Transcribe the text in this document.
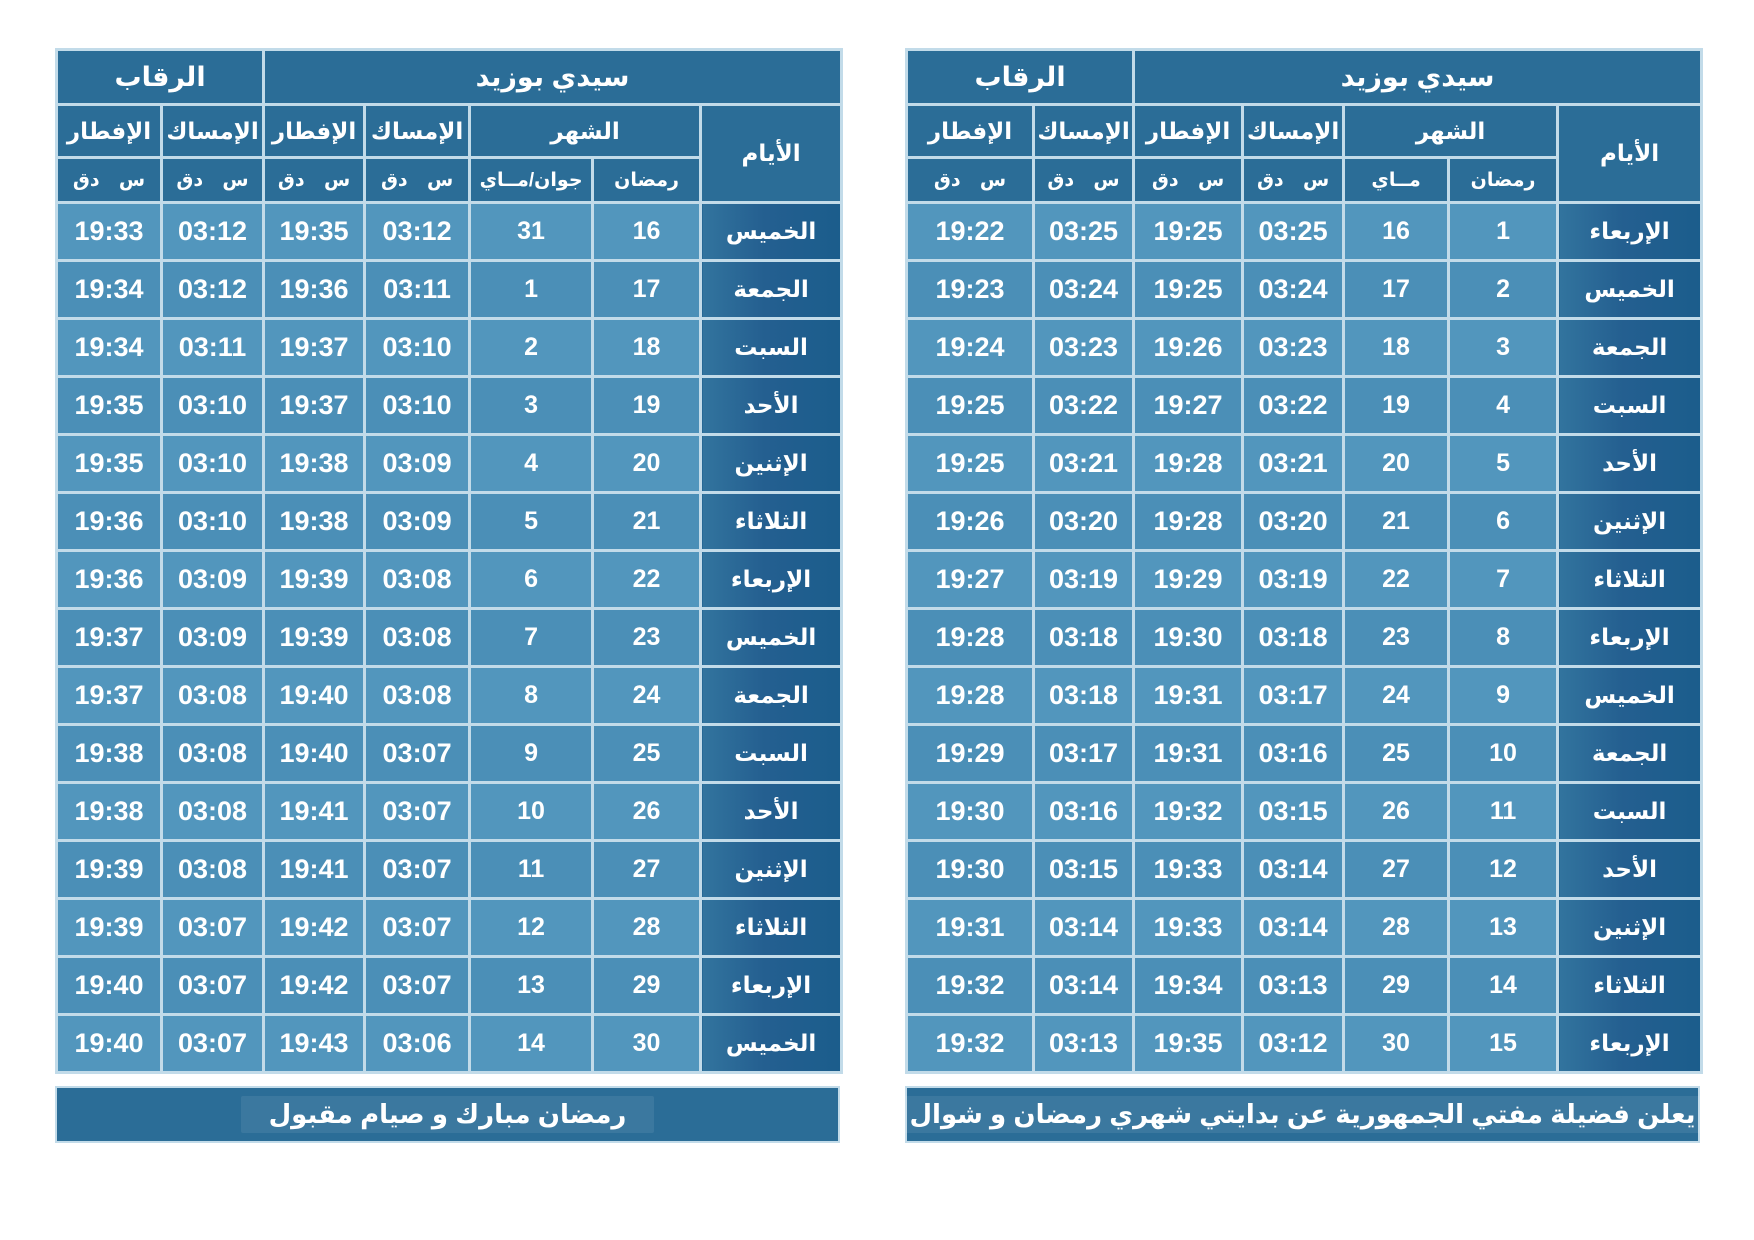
سيدي بوزيد					الرقاب	
الأيام	الشهر		الإمساك	الإفطار	الإمساك	الإفطار
	رمضان	جوان/مــاي	س دق	س دق	س دق	س دق
الخميس	16	31	03:12	19:35	03:12	19:33
الجمعة	17	1	03:11	19:36	03:12	19:34
السبت	18	2	03:10	19:37	03:11	19:34
الأحد	19	3	03:10	19:37	03:10	19:35
الإثنين	20	4	03:09	19:38	03:10	19:35
الثلاثاء	21	5	03:09	19:38	03:10	19:36
الإربعاء	22	6	03:08	19:39	03:09	19:36
الخميس	23	7	03:08	19:39	03:09	19:37
الجمعة	24	8	03:08	19:40	03:08	19:37
السبت	25	9	03:07	19:40	03:08	19:38
الأحد	26	10	03:07	19:41	03:08	19:38
الإثنين	27	11	03:07	19:41	03:08	19:39
الثلاثاء	28	12	03:07	19:42	03:07	19:39
الإربعاء	29	13	03:07	19:42	03:07	19:40
الخميس	30	14	03:06	19:43	03:07	19:40
رمضان مبارك و صيام مقبول
سيدي بوزيد					الرقاب	
الأيام	الشهر		الإمساك	الإفطار	الإمساك	الإفطار
	رمضان	مــاي	س دق	س دق	س دق	س دق
الإربعاء	1	16	03:25	19:25	03:25	19:22
الخميس	2	17	03:24	19:25	03:24	19:23
الجمعة	3	18	03:23	19:26	03:23	19:24
السبت	4	19	03:22	19:27	03:22	19:25
الأحد	5	20	03:21	19:28	03:21	19:25
الإثنين	6	21	03:20	19:28	03:20	19:26
الثلاثاء	7	22	03:19	19:29	03:19	19:27
الإربعاء	8	23	03:18	19:30	03:18	19:28
الخميس	9	24	03:17	19:31	03:18	19:28
الجمعة	10	25	03:16	19:31	03:17	19:29
السبت	11	26	03:15	19:32	03:16	19:30
الأحد	12	27	03:14	19:33	03:15	19:30
الإثنين	13	28	03:14	19:33	03:14	19:31
الثلاثاء	14	29	03:13	19:34	03:14	19:32
الإربعاء	15	30	03:12	19:35	03:13	19:32
يعلن فضيلة مفتي الجمهورية عن بدايتي شهري رمضان و شوال
